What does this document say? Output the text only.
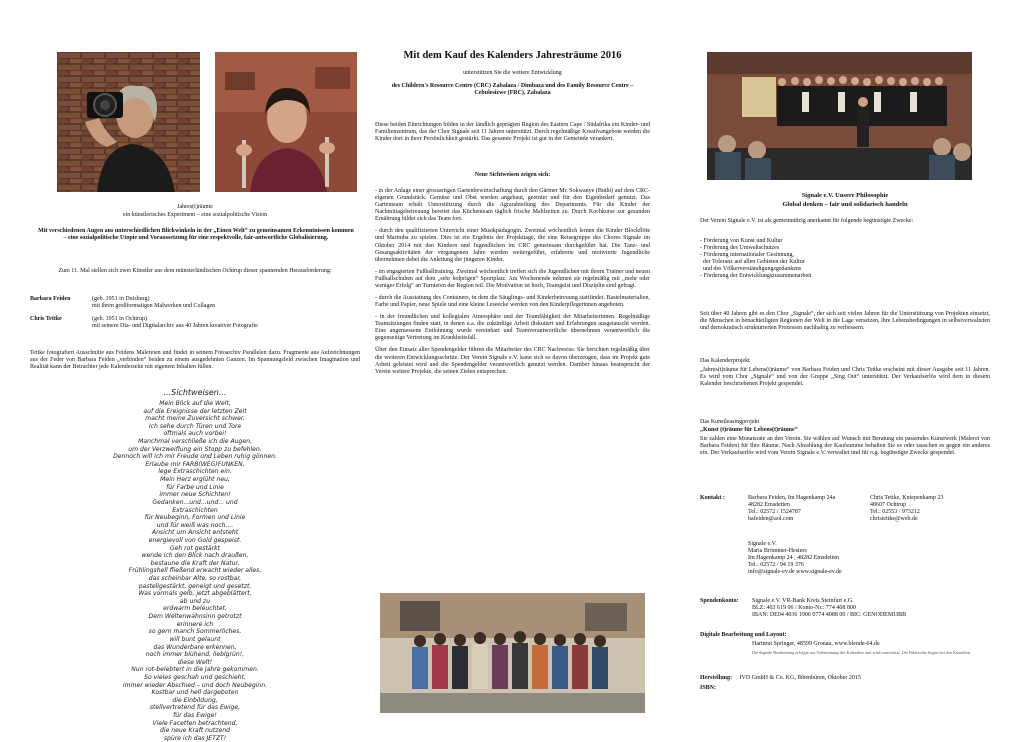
Jahres(t)räume

ein künstlerisches Experiment – eine sozialpolitische Vision

Mit verschiedenen Augen aus unterschiedlichen Blickwinkeln in der „Einen Welt“ zu gemeinsamen Erkenntnissen kommen – eine sozialpolitische Utopie und Voraussetzung für eine respektvolle, fair-antwortliche Globalisierung.

Zum 11. Mal stellen sich zwei Künstler aus dem münsterländischen Ochtrup dieser spannenden Herausforderung:

Barbara Feiden	(geb. 1951 in Duisburg)
mit ihren großformatigen Malwerken und Collagen
Chris Tettke	(geb. 1951 in Ochtrup)
mit seinem Dia- und Digitalarchiv aus 40 Jahren kreativer Fotografie

Tettke fotografiert Ausschnitte aus Feidens Malereien und findet in seinem Fotoarchiv Parallelen dazu. Fragmente aus Aufzeichnungen aus der Feder von Barbara Feiden „verbinden“ beiden zu einem ausgedehnten Ganzen. Im Spannungsfeld zwischen Imagination und Realität kann der Betrachter jede Kalenderseite mit eigenem Inhalten füllen.

...Sichtweisen...

Mein Blick auf die Welt,
auf die Ereignisse der letzten Zeit
macht meine Zuversicht schwer.
Ich sehe durch Türen und Tore
oftmals auch vorbei!
Manchmal verschließe ich die Augen,
um der Verzweiflung ein Stopp zu befehlen.
Dennoch will ich mir Freude und Leben ruhig gönnen.
Erlaube mir FARB(WEG)FUNKEN,
lege Extraschichten ein.
Mein Herz erglüht neu,
für Farbe und Linie
immer neue Schichten!
Gedanken...und...und... und
Extraschichten
für Neubeginn, Formen und Linie
und für weiß was noch....
Ansicht um Ansicht entsteht
energievoll von Gold gespeist.
Geh rot gestärkt
wende ich den Blick nach draußen,
bestaune die Kraft der Natur.
Frühlingshell fließend erwacht wieder alles,
das scheinbar Alte, so rostbar,
pastellgestärkt, geneigt und gesetzt.
Was vormals gelb, jetzt abgeblättert,
ab und zu
erdwarm beleuchtet.
Dem Weltenwahnsinn getrotzt
erinnere ich
so gern manch Sommerliches,
will bunt gelaunt
das Wunderbare erkennen,
noch immer blühend, lieblgrün!,
diese Welt!
Nun rot-belebtert in die Jahre gekommen.
So vieles geschah und geschieht,
immer wieder Abschied – und doch Neubeginn.
Kostbar und hell dargeboten
die Einbildung,
stellvertretend für das Ewige,
für das Ewige!
Viele Facetten betrachtend,
die neue Kraft nutzend
spüre ich das JETZT!

Mit dem Kauf des Kalenders Jahresträume 2016

unterstützen Sie die weitere Entwicklung

des Children's Resource Centre (CRC) Zabalaza / Dimbaza und des Family Resource Centre – Cebulesizwe (FRC), Zabalaza

Diese beiden Einrichtungen bilden in der ländlich geprägten Region des Eastern Cape / Südafrika ein Kinder- und Familienzentrum, das der Chor Signale seit 11 Jahren unterstützt. Durch regelmäßige Kreativangebote werden die Kinder dort in ihrer Persönlichkeit gestärkt. Das gesamte Projekt ist gut in der Gemeinde verankert.

Neue Sichtweisen zeigen sich:

- in der Anlage einer grossartigen Gartenbewirtschaftung durch den Gärtner Mr. Sokwanye (Buthi) auf dem CRC-eigenen Grundstück. Gemüse und Obst werden angebaut, geerntet und für den Eigenbedarf genutzt. Das Gartenteam erhält Unterstützung durch die Agrarabteilung des Departments. Für die Kinder der Nachmittagsbetreuung bereitet das Küchenteam täglich frische Mahlzeiten zu. Durch Kochkurse zur gesunden Ernährung bildet sich das Team fort.

- durch den qualifizierten Unterricht einer Musikpädagogin. Zweimal wöchentlich lernen die Kinder Blockflöte und Marimba zu spielen. Dies ist ein Ergebnis der Projekttage, die eine Reisegruppe des Chores Signale im Oktober 2014 mit den Kindern und Jugendlichen im CRC gemeinsam durchgeführt hat. Die Tanz- und Gesangsaktivitäten der vergangenen Jahre werden weitergeführt, erfahrene und motivierte Jugendliche übernehmen dabei die Anleitung der jüngeren Kinder.

- im engagierten Fußballtraining. Zweimal wöchentlich treffen sich die Jugendlichen mit ihrem Trainer und neuen Fußballschuhen auf dem „sehr holprigen“ Sportplatz. Am Wochenende nehmen sie regelmäßig mit „mehr oder weniger Erfolg“ an Turnieren der Region teil. Die Motivation ist hoch, Teamgeist und Disziplin sind gefragt.

- durch die Ausstattung des Containers, in dem die Säuglings- und Kinderbetreuung stattfindet. Bastelmaterialien, Farbe und Papier, neue Spiele und eine kleine Leseecke werden von den Kinderpflegerinnen angeboten.

- in der freundlichen und kollegialen Atmosphäre und der Teamfähigkeit der Mitarbeiterinnen. Regelmäßige Teamsitzungen finden statt, in denen u.a. die zukünftige Arbeit diskutiert und Erfahrungen ausgetauscht werden. Eine angemessene Entlohnung wurde vereinbart und Teamverantwortliche übernehmen verantwortlich die gegenseitige Vertretung im Krankheitsfall.

Über den Einsatz aller Spendengelder führen die Mitarbeiter des CRC Nachweise. Sie berichten regelmäßig über die weiteren Entwicklungsschritte. Der Verein Signale e.V. kann sich so davon überzeugen, dass im Projekt gute Arbeit geleistet wird und die Spendengelder verantwortlich genutzt werden. Darüber hinaus beansprucht der Verein weitere Projekte, die seinen Zielen entsprechen.

Signale e.V. Unsere Philosophie

Global denken – fair und solidarisch handeln

Der Verein Signale e.V. ist als gemeinnützig anerkannt für folgende begünstigte Zwecke:

- Förderung von Kunst und Kultur
- Förderung des Umweltschutzes
- Förderung internationaler Gesinnung,
der Toleranz auf allen Gebieten der Kultur
und des Völkerverständigungsgedankens
- Förderung der Entwicklungszusammenarbeit

Seit über 40 Jahren gibt es den Chor „Signale“, der sich seit vielen Jahren für die Unterstützung von Projekten einsetzt, die Menschen in benachteiligten Regionen der Welt in die Lage versetzen, ihre Lebensbedingungen in selbstverwalteten und demokratisch strukturierten Prozessen nachhaltig zu verbessern.

Das Kalenderprojekt

„Jahres(t)räume für Lebens(t)räume“ von Barbara Feiden und Chris Tettke erscheint mit dieser Ausgabe seit 11 Jahren. Es wird vom Chor „Signale“ und von der Gruppe „Sing Out“ unterstützt. Der Verkaufserlös wird dem in diesem Kalender beschriebenen Projekt gespendet.

Das Kunstleasingprojekt

„Kunst (t)räume für Lebens(t)räume“

Sie zahlen eine Monatsrate an den Verein. Sie wählen auf Wunsch mit Beratung ein passendes Kunstwerk (Malerei von Barbara Feiden) für Ihre Räume. Nach Abzahlung der Kaufsumme behalten Sie es oder tauschen es gegen ein anderes ein. Der Verkaufserlös wird vom Verein Signale e.V. verwaltet und für o.g. begünstigte Zwecke gespendet.

Kontakt :	Barbara Feiden, Im Hagenkamp 24a
48282 Emsdetten
Tel.: 02572 / 1524787
bafeiden@aol.com
Chris Tettke, Kniepenkamp 23
48607 Ochtrup
Tel.: 02553 / 973212
christettke@web.de
Signale e.V.
Maria Brömmer-Hesters
Im Hagenkamp 24 , 48282 Emsdetten
Tel.: 02572 / 94 19 376
info@signale-ev.de www.signale-ev.de
Spendenkonto: Signale e.V. VR-Bank Kreis Steinfurt e.G.
BLZ: 403 619 06 / Konto-Nr.: 774 408 800
IBAN: DE04 4036 1906 0774 4088 00 / BIC: GENODEM1IBB

Digitale Bearbeitung und Layout:

Hartmut Springer, 48599 Gronau, www.blende-64.de

Die digitale Bearbeitung erfolgte zur Vorbereitung des Kalenders und wird unterstützt. Die Bildrechte liegen bei den Künstlern.

Herstellung: IVD GmbH & Co. KG, Ibbenbüren, Oktober 2015

ISBN:
